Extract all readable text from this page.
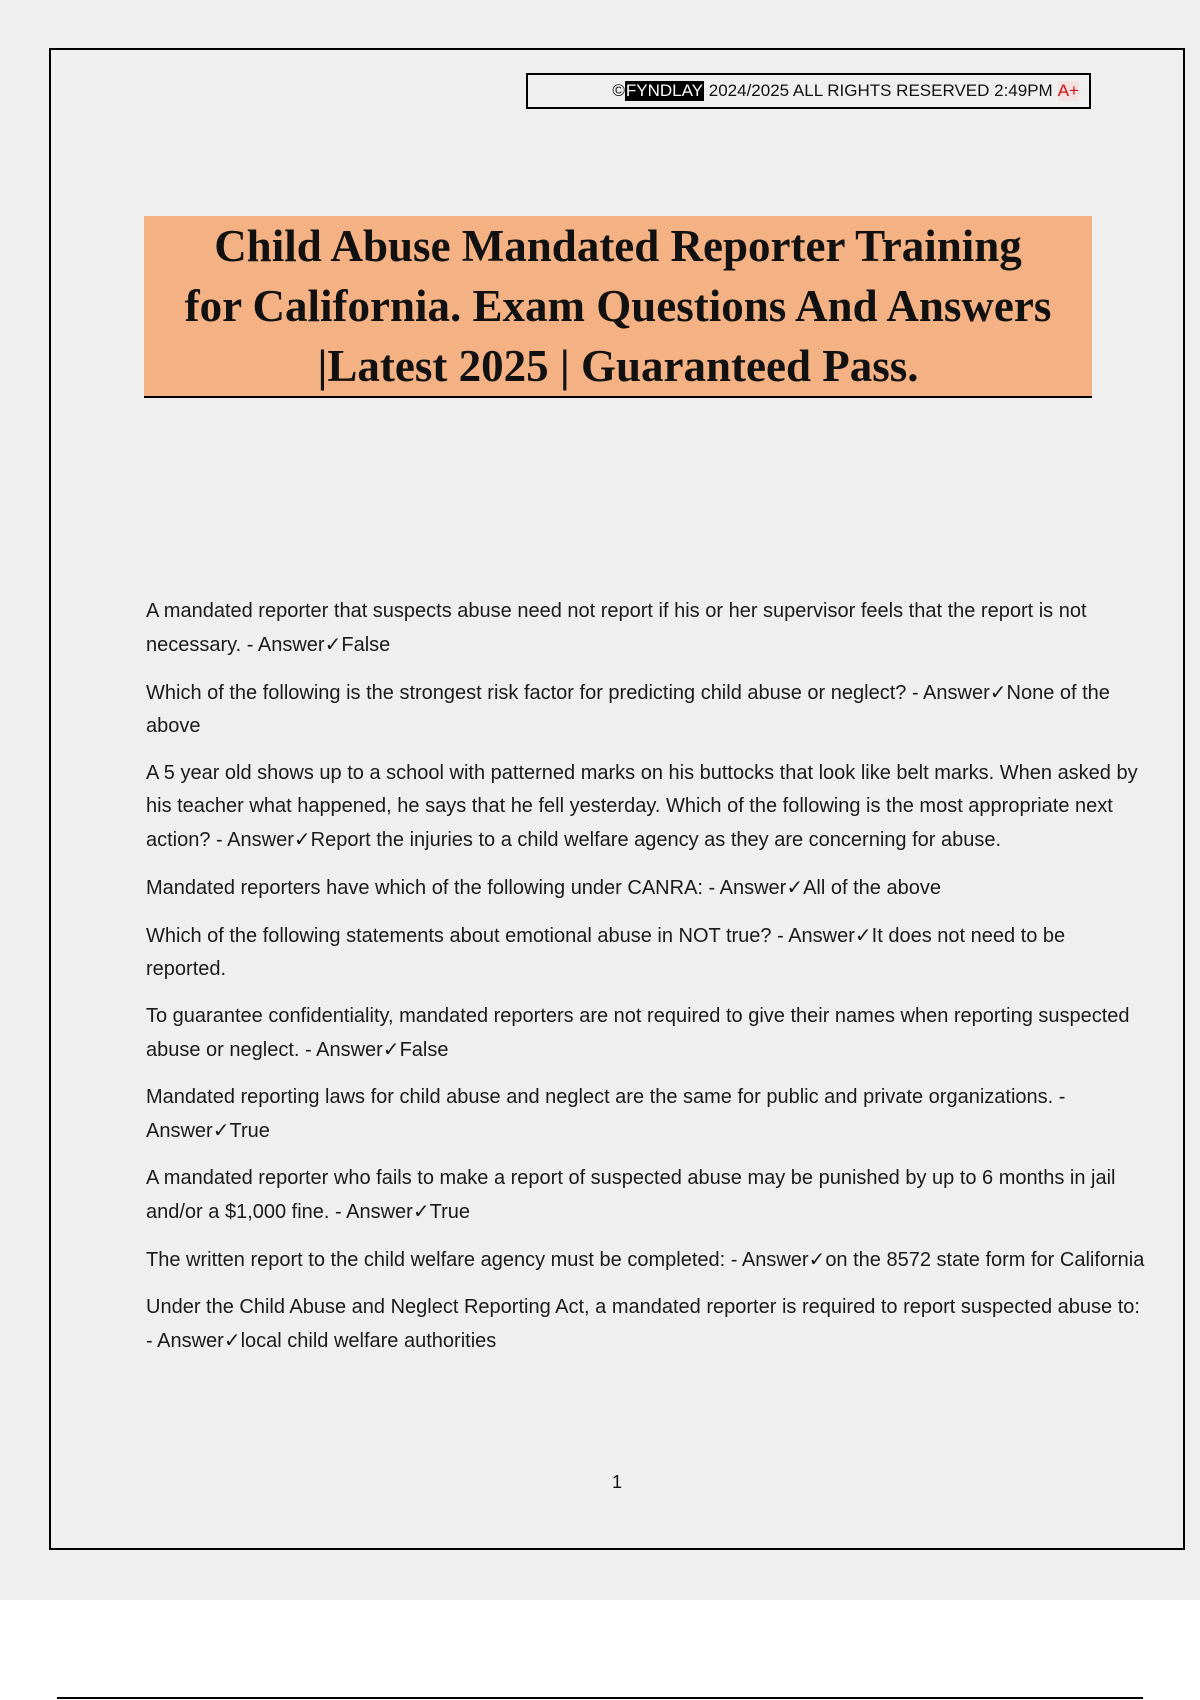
© FYNDLAY
2024/2025 ALL RIGHTS RESERVED 2:49PM A+
Child Abuse Mandated Reporter Training
for California. Exam Questions And Answers
|Latest 2025 | Guaranteed Pass.

A mandated reporter that suspects abuse need not report if his or her supervisor feels that the report is not necessary. - Answer✓False

Which of the following is the strongest risk factor for predicting child abuse or neglect? - Answer✓None of the above

A 5 year old shows up to a school with patterned marks on his buttocks that look like belt marks. When asked by his teacher what happened, he says that he fell yesterday. Which of the following is the most appropriate next action? - Answer✓Report the injuries to a child welfare agency as they are concerning for abuse.

Mandated reporters have which of the following under CANRA: - Answer✓All of the above

Which of the following statements about emotional abuse in NOT true? - Answer✓It does not need to be reported.

To guarantee confidentiality, mandated reporters are not required to give their names when reporting suspected abuse or neglect. - Answer✓False

Mandated reporting laws for child abuse and neglect are the same for public and private organizations. - Answer✓True

A mandated reporter who fails to make a report of suspected abuse may be punished by up to 6 months in jail and/or a $1,000 fine. - Answer✓True

The written report to the child welfare agency must be completed: - Answer✓on the 8572 state form for California

Under the Child Abuse and Neglect Reporting Act, a mandated reporter is required to report suspected abuse to: - Answer✓local child welfare authorities

1
